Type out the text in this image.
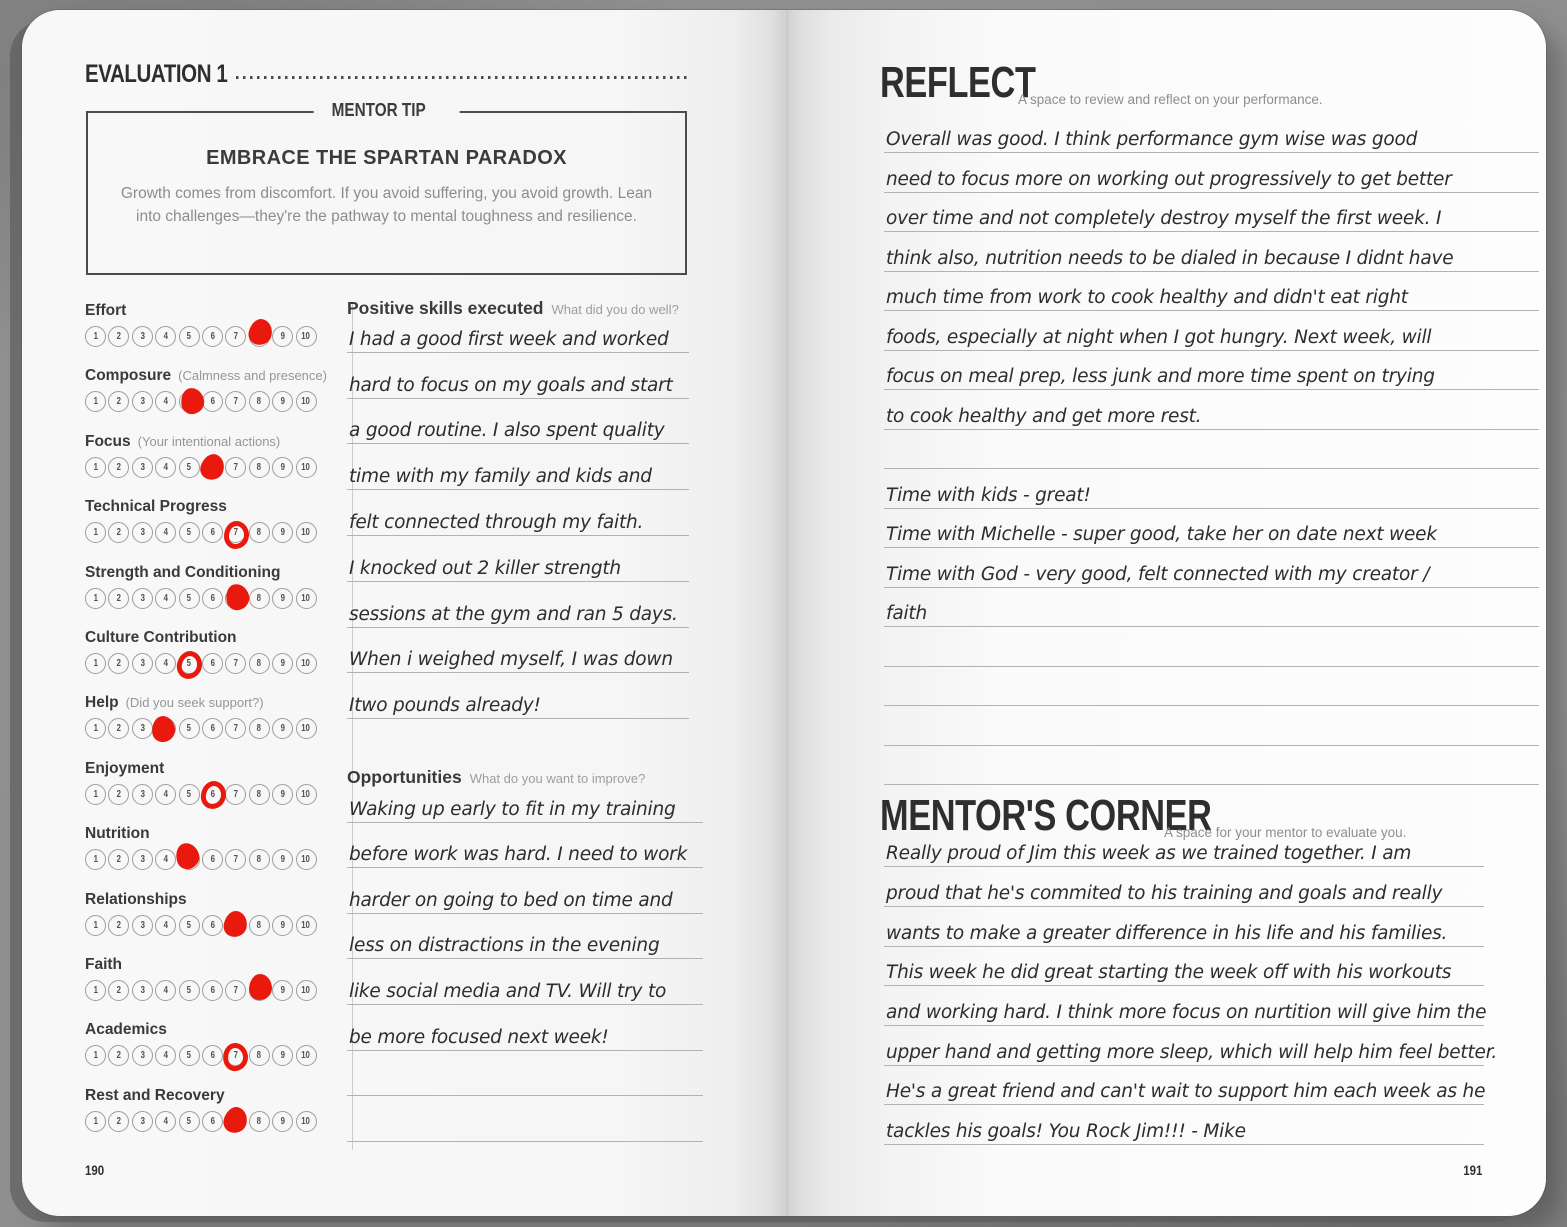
EVALUATION 1
MENTOR TIP
EMBRACE THE SPARTAN PARADOX
Growth comes from discomfort. If you avoid suffering, you avoid growth. Lean into challenges—they're the pathway to mental toughness and resilience.
Effort
1 2 3 4 5 6 7	9 10
Composure (Calmness and presence)
1 2 3 4	6 7 8 9 10
Focus (Your intentional actions)
1 2 3 4 5	7 8 9 10
Technical Progress
1 2 3 4 5 6 7 8 9 10
Strength and Conditioning
1 2 3 4 5 6	8 9 10
Culture Contribution
1 2 3 4 5 6 7 8 9 10
Help (Did you seek support?)
1 2 3	5 6 7 8 9 10
Enjoyment
1 2 3 4 5 6 7 8 9 10
Nutrition
1 2 3 4	6 7 8 9 10
Relationships
1 2 3 4 5 6	8 9 10
Faith
1 2 3 4 5 6 7	9 10
Academics
1 2 3 4 5 6 7 8 9 10
Rest and Recovery
1 2 3 4 5 6	8 9 10
Positive skills executed What did you do well?
I had a good first week and worked
hard to focus on my goals and start
a good routine. I also spent quality
time with my family and kids and
felt connected through my faith.
I knocked out 2 killer strength
sessions at the gym and ran 5 days.
When i weighed myself, I was down
Itwo pounds already!
Opportunities What do you want to improve?
Waking up early to fit in my training
before work was hard. I need to work
harder on going to bed on time and
less on distractions in the evening
like social media and TV. Will try to
be more focused next week!
190
REFLECT
A space to review and reflect on your performance.
Overall was good. I think performance gym wise was good
need to focus more on working out progressively to get better
over time and not completely destroy myself the first week. I
think also, nutrition needs to be dialed in because I didnt have
much time from work to cook healthy and didn't eat right
foods, especially at night when I got hungry. Next week, will
focus on meal prep, less junk and more time spent on trying
to cook healthy and get more rest.
Time with kids - great!
Time with Michelle - super good, take her on date next week
Time with God - very good, felt connected with my creator /
faith
MENTOR'S CORNER
A space for your mentor to evaluate you.
Really proud of Jim this week as we trained together. I am
proud that he's commited to his training and goals and really
wants to make a greater difference in his life and his families.
This week he did great starting the week off with his workouts
and working hard. I think more focus on nurtition will give him the
upper hand and getting more sleep, which will help him feel better.
He's a great friend and can't wait to support him each week as he
tackles his goals! You Rock Jim!!! - Mike
191
